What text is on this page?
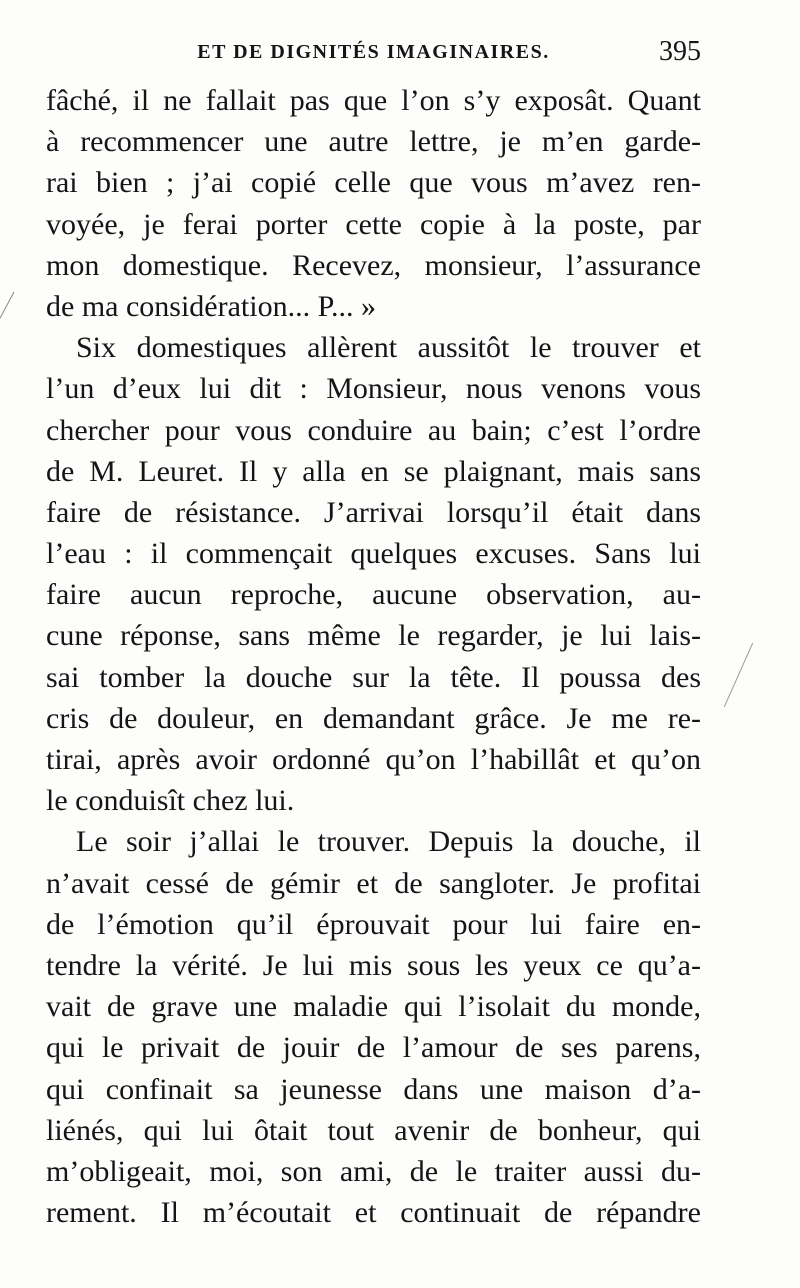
ET DE DIGNITÉS IMAGINAIRES.	395
fâché, il ne fallait pas que l’on s’y exposât. Quant
à recommencer une autre lettre, je m’en garde-
rai bien ; j’ai copié celle que vous m’avez ren-
voyée, je ferai porter cette copie à la poste, par
mon domestique. Recevez, monsieur, l’assurance
de ma considération... P... »
Six domestiques allèrent aussitôt le trouver et
l’un d’eux lui dit : Monsieur, nous venons vous
chercher pour vous conduire au bain; c’est l’ordre
de M. Leuret. Il y alla en se plaignant, mais sans
faire de résistance. J’arrivai lorsqu’il était dans
l’eau : il commençait quelques excuses. Sans lui
faire aucun reproche, aucune observation, au-
cune réponse, sans même le regarder, je lui lais-
sai tomber la douche sur la tête. Il poussa des
cris de douleur, en demandant grâce. Je me re-
tirai, après avoir ordonné qu’on l’habillât et qu’on
le conduisît chez lui.
Le soir j’allai le trouver. Depuis la douche, il
n’avait cessé de gémir et de sangloter. Je profitai
de l’émotion qu’il éprouvait pour lui faire en-
tendre la vérité. Je lui mis sous les yeux ce qu’a-
vait de grave une maladie qui l’isolait du monde,
qui le privait de jouir de l’amour de ses parens,
qui confinait sa jeunesse dans une maison d’a-
liénés, qui lui ôtait tout avenir de bonheur, qui
m’obligeait, moi, son ami, de le traiter aussi du-
rement. Il m’écoutait et continuait de répandre
